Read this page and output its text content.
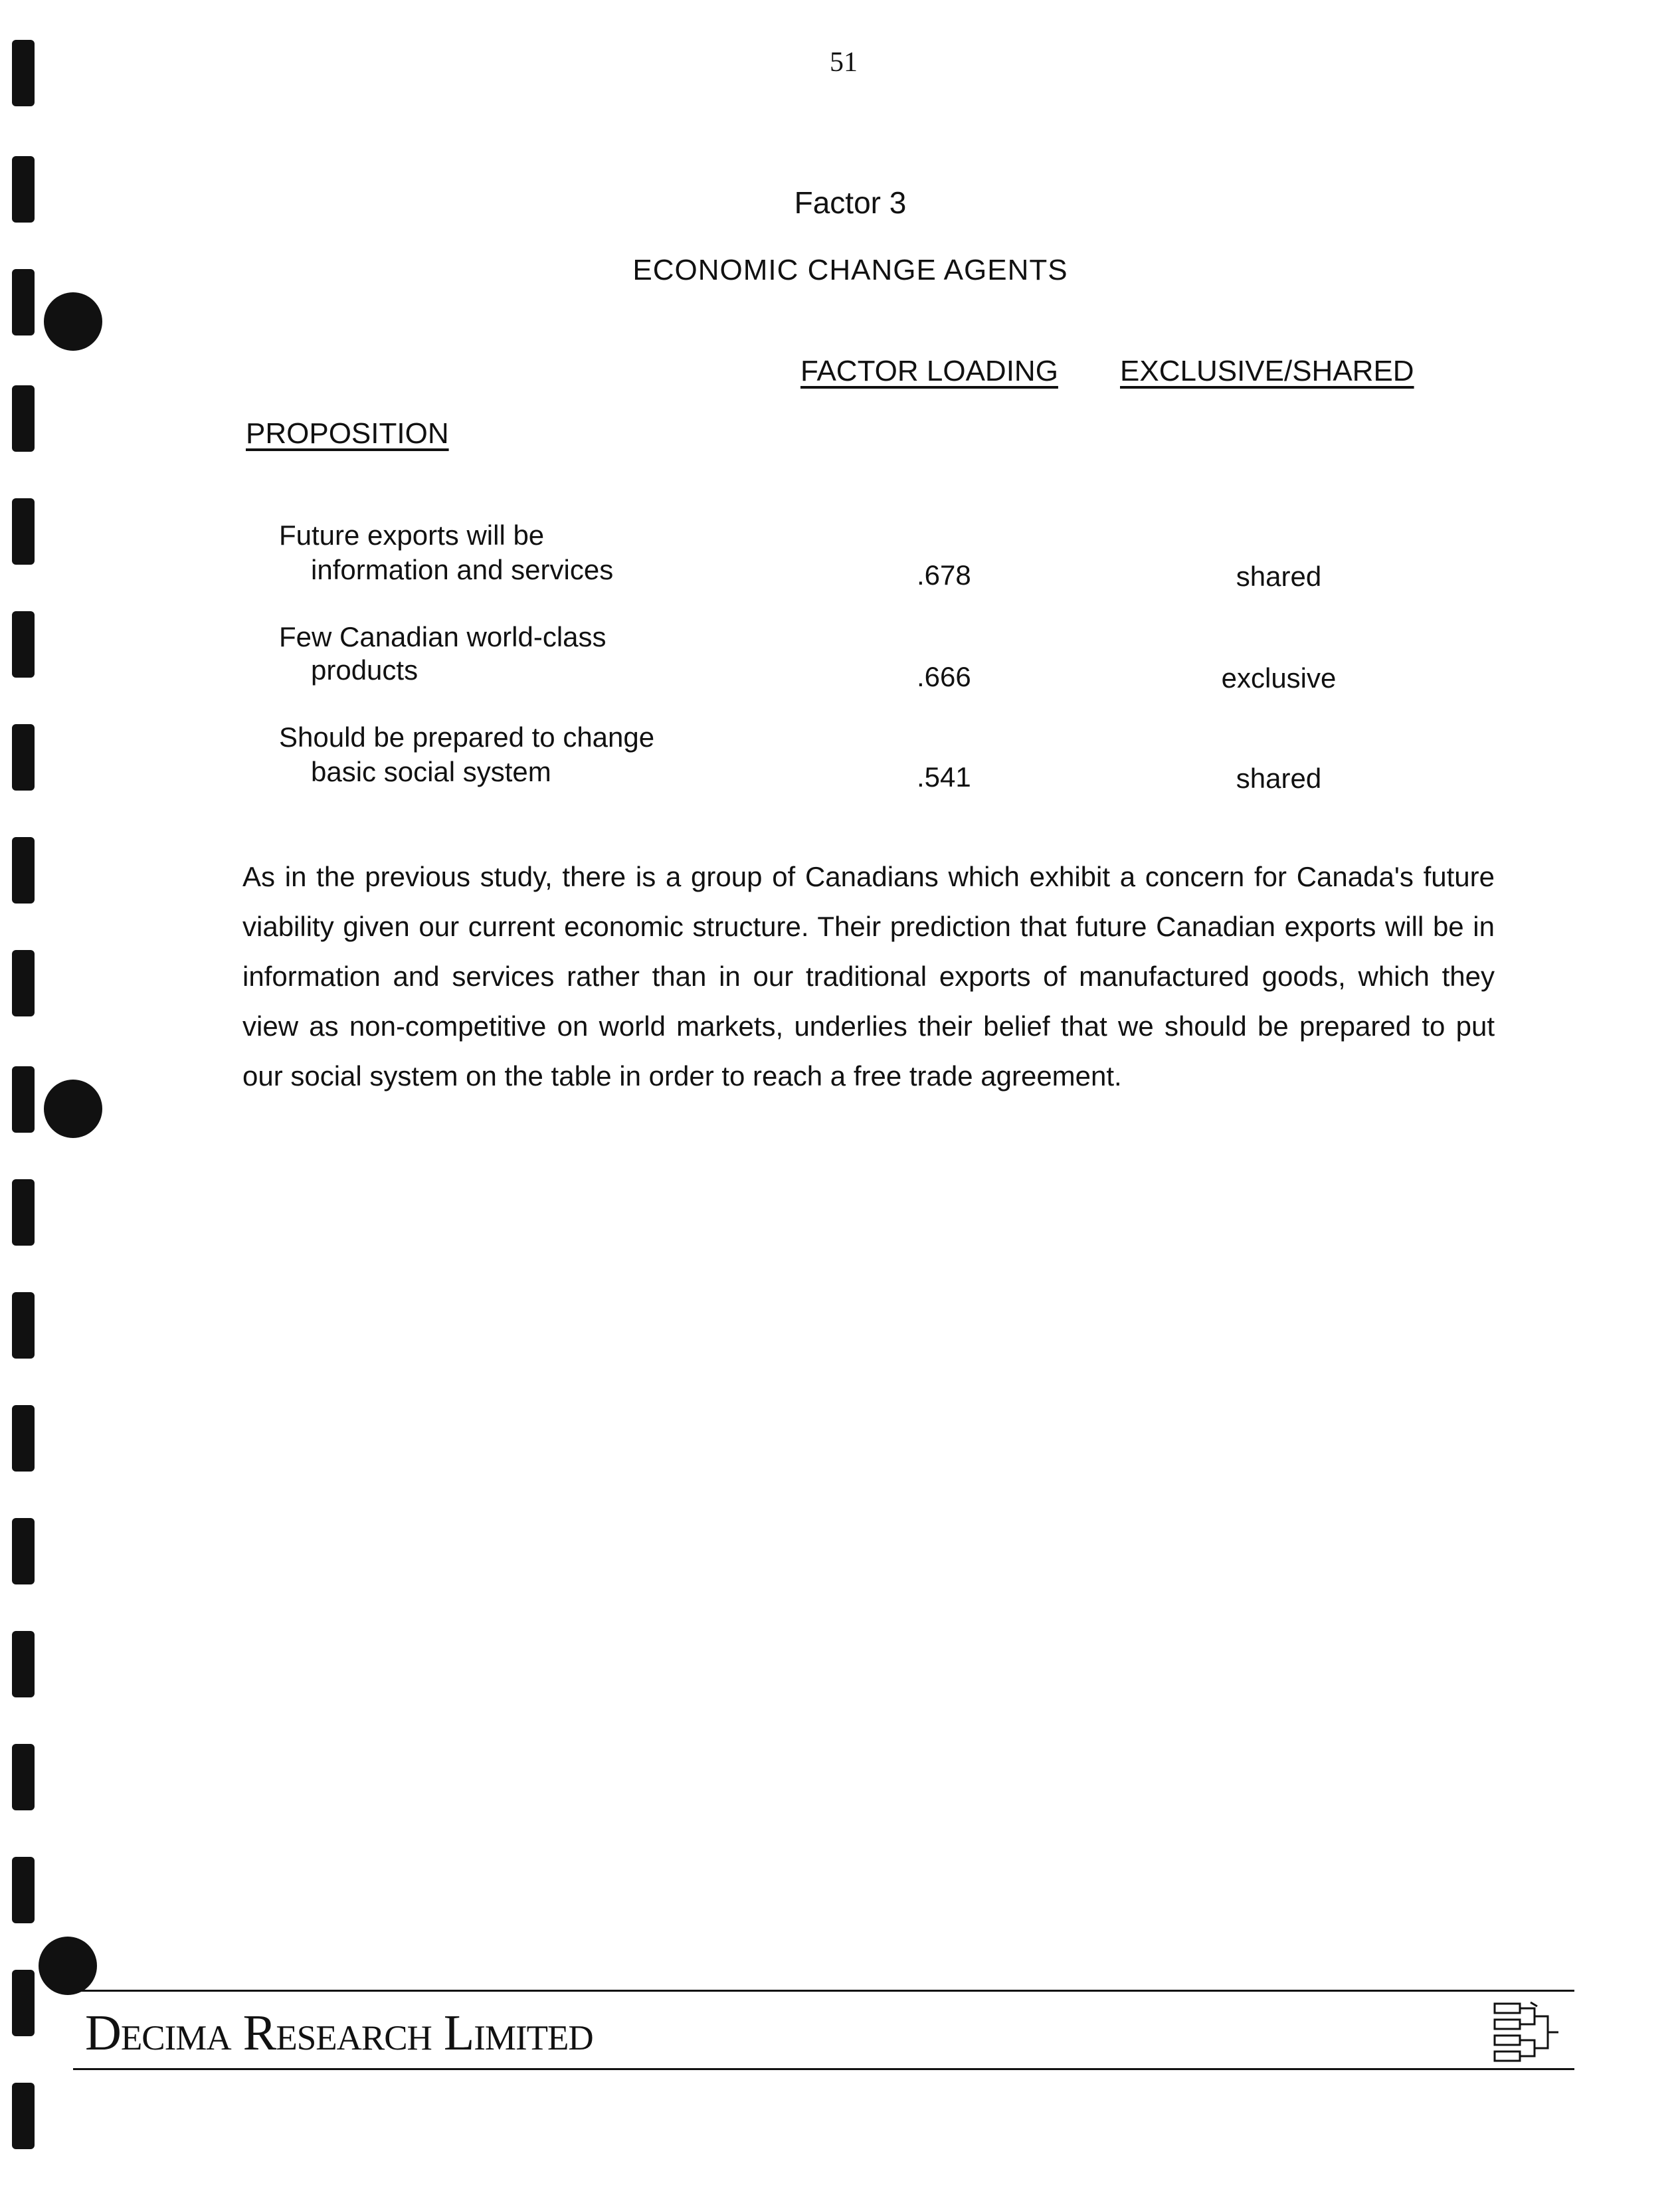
51
Factor 3
ECONOMIC CHANGE AGENTS
FACTOR LOADING EXCLUSIVE/SHARED
PROPOSITION
Future exports will be
information and services	.678	shared
Few Canadian world-class
products	.666	exclusive
Should be prepared to change
basic social system	.541	shared
As in the previous study, there is a group of Canadians which exhibit a concern for Canada's future viability given our current economic structure. Their prediction that future Canadian exports will be in information and services rather than in our traditional exports of manufactured goods, which they view as non-competitive on world markets, underlies their belief that we should be prepared to put our social system on the table in order to reach a free trade agreement.
Decima Research Limited
